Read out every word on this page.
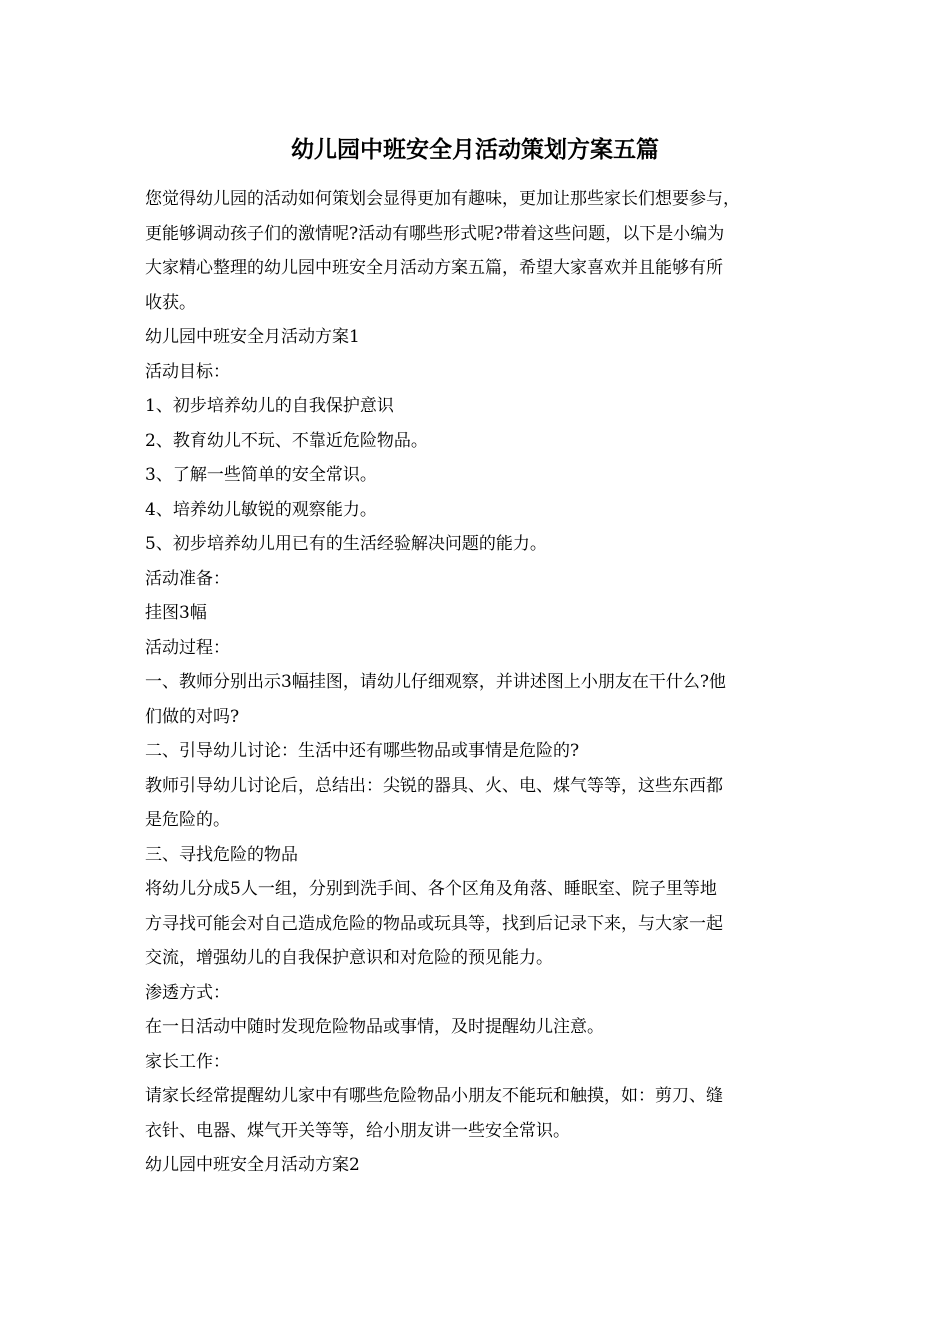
幼儿园中班安全月活动策划方案五篇

您觉得幼儿园的活动如何策划会显得更加有趣味，更加让那些家长们想要参与，

更能够调动孩子们的激情呢?活动有哪些形式呢?带着这些问题，以下是小编为

大家精心整理的幼儿园中班安全月活动方案五篇，希望大家喜欢并且能够有所

收获。

幼儿园中班安全月活动方案1

活动目标：

1、初步培养幼儿的自我保护意识

2、教育幼儿不玩、不靠近危险物品。

3、了解一些简单的安全常识。

4、培养幼儿敏锐的观察能力。

5、初步培养幼儿用已有的生活经验解决问题的能力。

活动准备：

挂图3幅

活动过程：

一、教师分别出示3幅挂图，请幼儿仔细观察，并讲述图上小朋友在干什么?他

们做的对吗?

二、引导幼儿讨论：生活中还有哪些物品或事情是危险的?

教师引导幼儿讨论后，总结出：尖锐的器具、火、电、煤气等等，这些东西都

是危险的。

三、寻找危险的物品

将幼儿分成5人一组，分别到洗手间、各个区角及角落、睡眠室、院子里等地

方寻找可能会对自己造成危险的物品或玩具等，找到后记录下来，与大家一起

交流，增强幼儿的自我保护意识和对危险的预见能力。

渗透方式：

在一日活动中随时发现危险物品或事情，及时提醒幼儿注意。

家长工作：

请家长经常提醒幼儿家中有哪些危险物品小朋友不能玩和触摸，如：剪刀、缝

衣针、电器、煤气开关等等，给小朋友讲一些安全常识。

幼儿园中班安全月活动方案2
